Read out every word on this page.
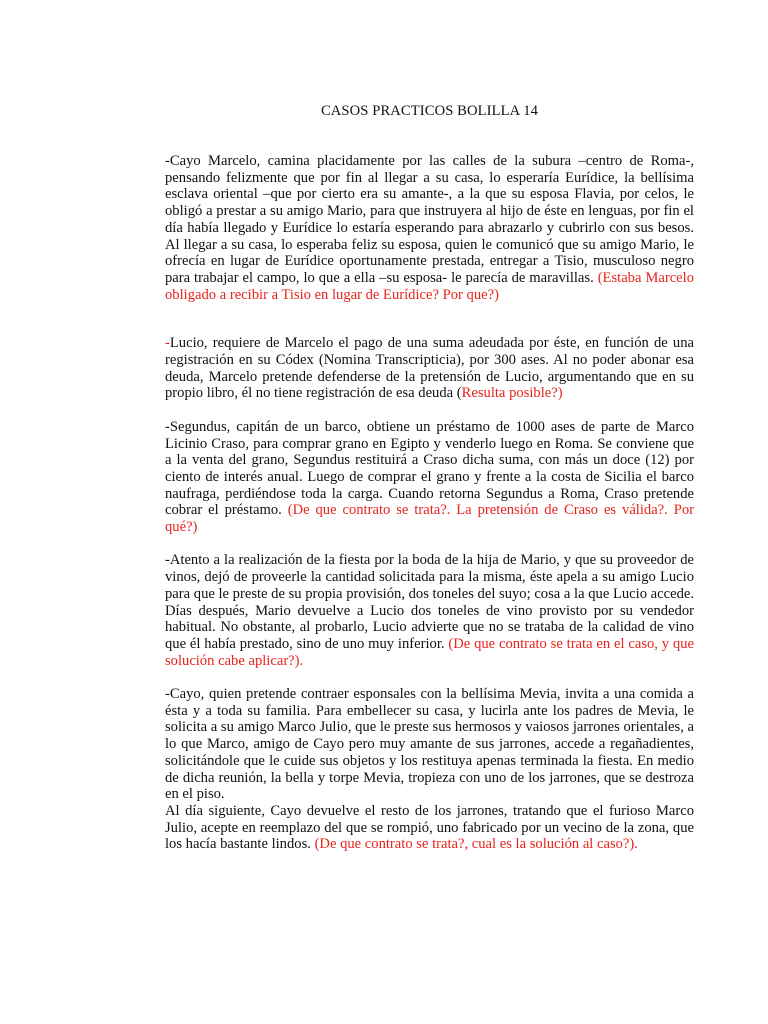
CASOS PRACTICOS BOLILLA 14

-Cayo Marcelo, camina placidamente por las calles de la subura –centro de Roma-, pensando felizmente que por fin al llegar a su casa, lo esperaría Eurídice, la bellísima esclava oriental –que por cierto era su amante-, a la que su esposa Flavia, por celos, le obligó a prestar a su amigo Mario, para que instruyera al hijo de éste en lenguas, por fin el día había llegado y Eurídice lo estaría esperando para abrazarlo y cubrirlo con sus besos. Al llegar a su casa, lo esperaba feliz su esposa, quien le comunicó que su amigo Mario, le ofrecía en lugar de Eurídice oportunamente prestada, entregar a Tisio, musculoso negro para trabajar el campo, lo que a ella –su esposa- le parecía de maravillas. (Estaba Marcelo obligado a recibir a Tisio en lugar de Eurídice? Por que?)

-Lucio, requiere de Marcelo el pago de una suma adeudada por éste, en función de una registración en su Códex (Nomina Transcripticia), por 300 ases. Al no poder abonar esa deuda, Marcelo pretende defenderse de la pretensión de Lucio, argumentando que en su propio libro, él no tiene registración de esa deuda (Resulta posible?)

-Segundus, capitán de un barco, obtiene un préstamo de 1000 ases de parte de Marco Licinio Craso, para comprar grano en Egipto y venderlo luego en Roma. Se conviene que a la venta del grano, Segundus restituirá a Craso dicha suma, con más un doce (12) por ciento de interés anual. Luego de comprar el grano y frente a la costa de Sicilia el barco naufraga, perdiéndose toda la carga. Cuando retorna Segundus a Roma, Craso pretende cobrar el préstamo. (De que contrato se trata?. La pretensión de Craso es válida?. Por qué?)

-Atento a la realización de la fiesta por la boda de la hija de Mario, y que su proveedor de vinos, dejó de proveerle la cantidad solicitada para la misma, éste apela a su amigo Lucio para que le preste de su propia provisión, dos toneles del suyo; cosa a la que Lucio accede. Días después, Mario devuelve a Lucio dos toneles de vino provisto por su vendedor habitual. No obstante, al probarlo, Lucio advierte que no se trataba de la calidad de vino que él había prestado, sino de uno muy inferior. (De que contrato se trata en el caso, y que solución cabe aplicar?).

-Cayo, quien pretende contraer esponsales con la bellísima Mevia, invita a una comida a ésta y a toda su familia. Para embellecer su casa, y lucirla ante los padres de Mevia, le solicita a su amigo Marco Julio, que le preste sus hermosos y vaiosos jarrones orientales, a lo que Marco, amigo de Cayo pero muy amante de sus jarrones, accede a regañadientes, solicitándole que le cuide sus objetos y los restituya apenas terminada la fiesta. En medio de dicha reunión, la bella y torpe Mevia, tropieza con uno de los jarrones, que se destroza en el piso.

Al día siguiente, Cayo devuelve el resto de los jarrones, tratando que el furioso Marco Julio, acepte en reemplazo del que se rompió, uno fabricado por un vecino de la zona, que los hacía bastante lindos. (De que contrato se trata?, cual es la solución al caso?).
